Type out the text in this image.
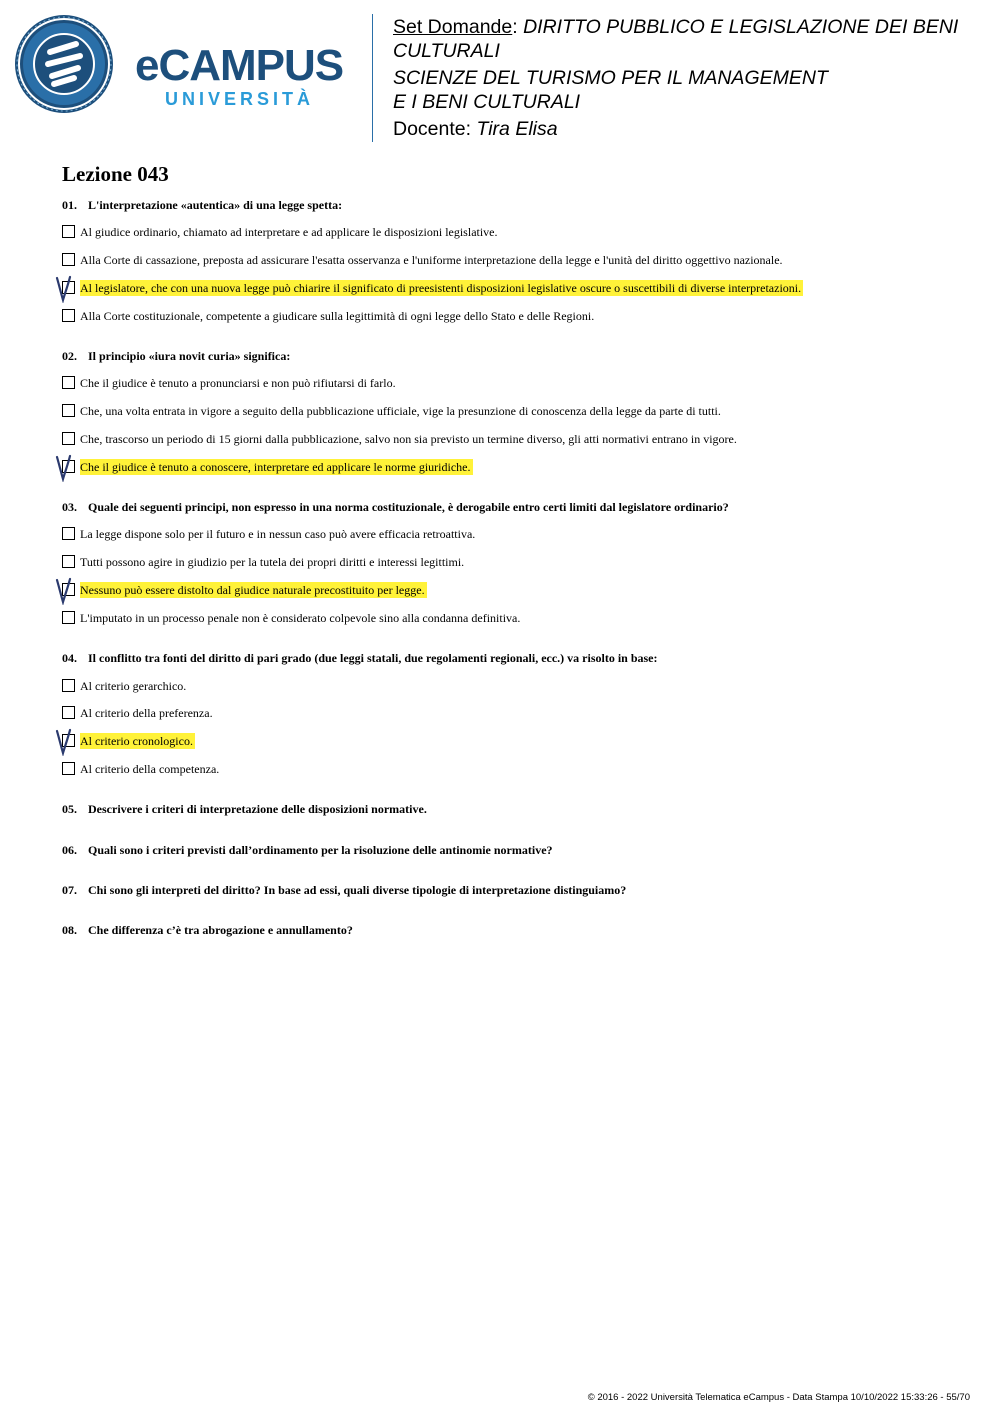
eCAMPUS
UNIVERSITÀ
Set Domande: DIRITTO PUBBLICO E LEGISLAZIONE DEI BENI
CULTURALI
SCIENZE DEL TURISMO PER IL MANAGEMENT
E I BENI CULTURALI
Docente: Tira Elisa
Lezione 043
01. L'interpretazione «autentica» di una legge spetta:
Al giudice ordinario, chiamato ad interpretare e ad applicare le disposizioni legislative.
Alla Corte di cassazione, preposta ad assicurare l'esatta osservanza e l'uniforme interpretazione della legge e l'unità del diritto oggettivo nazionale.
Al legislatore, che con una nuova legge può chiarire il significato di preesistenti disposizioni legislative oscure o suscettibili di diverse interpretazioni.
Alla Corte costituzionale, competente a giudicare sulla legittimità di ogni legge dello Stato e delle Regioni.
02. Il principio «iura novit curia» significa:
Che il giudice è tenuto a pronunciarsi e non può rifiutarsi di farlo.
Che, una volta entrata in vigore a seguito della pubblicazione ufficiale, vige la presunzione di conoscenza della legge da parte di tutti.
Che, trascorso un periodo di 15 giorni dalla pubblicazione, salvo non sia previsto un termine diverso, gli atti normativi entrano in vigore.
Che il giudice è tenuto a conoscere, interpretare ed applicare le norme giuridiche.
03. Quale dei seguenti principi, non espresso in una norma costituzionale, è derogabile entro certi limiti dal legislatore ordinario?
La legge dispone solo per il futuro e in nessun caso può avere efficacia retroattiva.
Tutti possono agire in giudizio per la tutela dei propri diritti e interessi legittimi.
Nessuno può essere distolto dal giudice naturale precostituito per legge.
L'imputato in un processo penale non è considerato colpevole sino alla condanna definitiva.
04. Il conflitto tra fonti del diritto di pari grado (due leggi statali, due regolamenti regionali, ecc.) va risolto in base:
Al criterio gerarchico.
Al criterio della preferenza.
Al criterio cronologico.
Al criterio della competenza.
05. Descrivere i criteri di interpretazione delle disposizioni normative.
06. Quali sono i criteri previsti dall’ordinamento per la risoluzione delle antinomie normative?
07. Chi sono gli interpreti del diritto? In base ad essi, quali diverse tipologie di interpretazione distinguiamo?
08. Che differenza c’è tra abrogazione e annullamento?
© 2016 - 2022 Università Telematica eCampus - Data Stampa 10/10/2022 15:33:26 - 55/70
